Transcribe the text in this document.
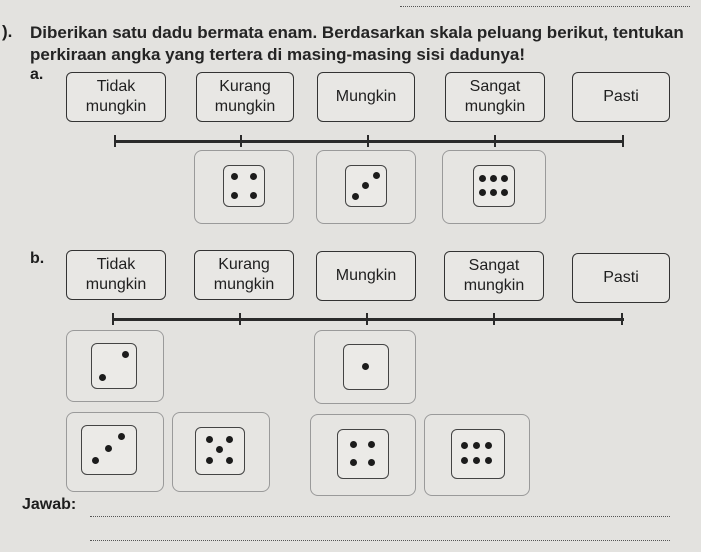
). Diberikan satu dadu bermata enam. Berdasarkan skala peluang berikut, tentukan perkiraan angka yang tertera di masing-masing sisi dadunya!
a.
Tidak mungkin
Kurang mungkin
Mungkin
Sangat mungkin
Pasti
b.	Tidak mungkin
Kurang mungkin
Mungkin
Sangat mungkin	Pasti
Jawab:
